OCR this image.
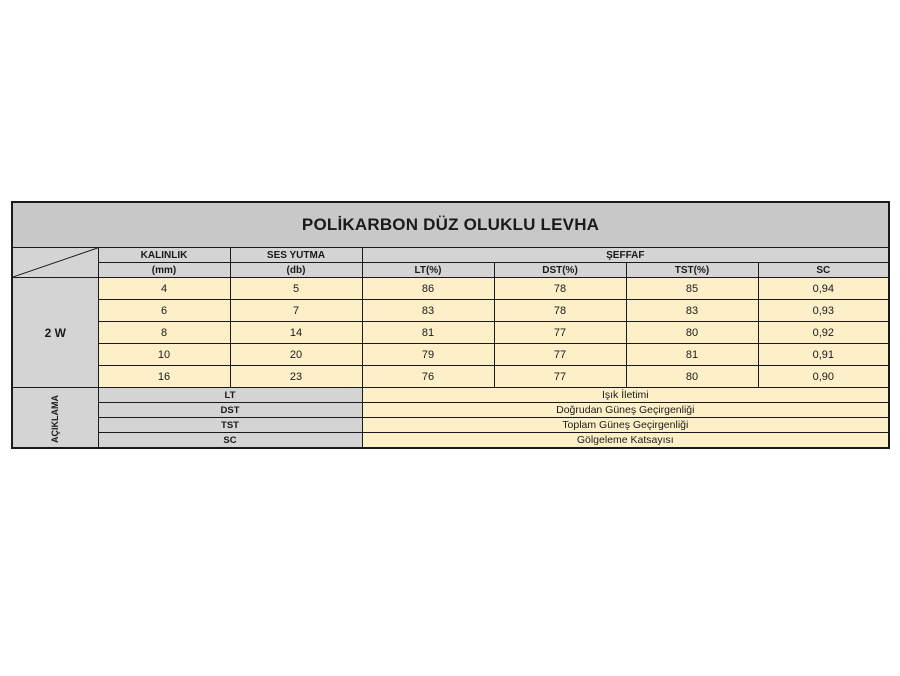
POLİKARBON DÜZ OLUKLU LEVHA						

	KALINLIK	SES YUTMA	ŞEFFAF			
	(mm)	(db)	LT(%)	DST(%)	TST(%)	SC
2 W	4	5	86	78	85	0,94
	6	7	83	78	83	0,93
	8	14	81	77	80	0,92
	10	20	79	77	81	0,91
	16	23	76	77	80	0,90
AÇIKLAMA	LT		Işık İletimi			
	DST		Doğrudan Güneş Geçirgenliği			
	TST		Toplam Güneş Geçirgenliği			
	SC		Gölgeleme Katsayısı			
